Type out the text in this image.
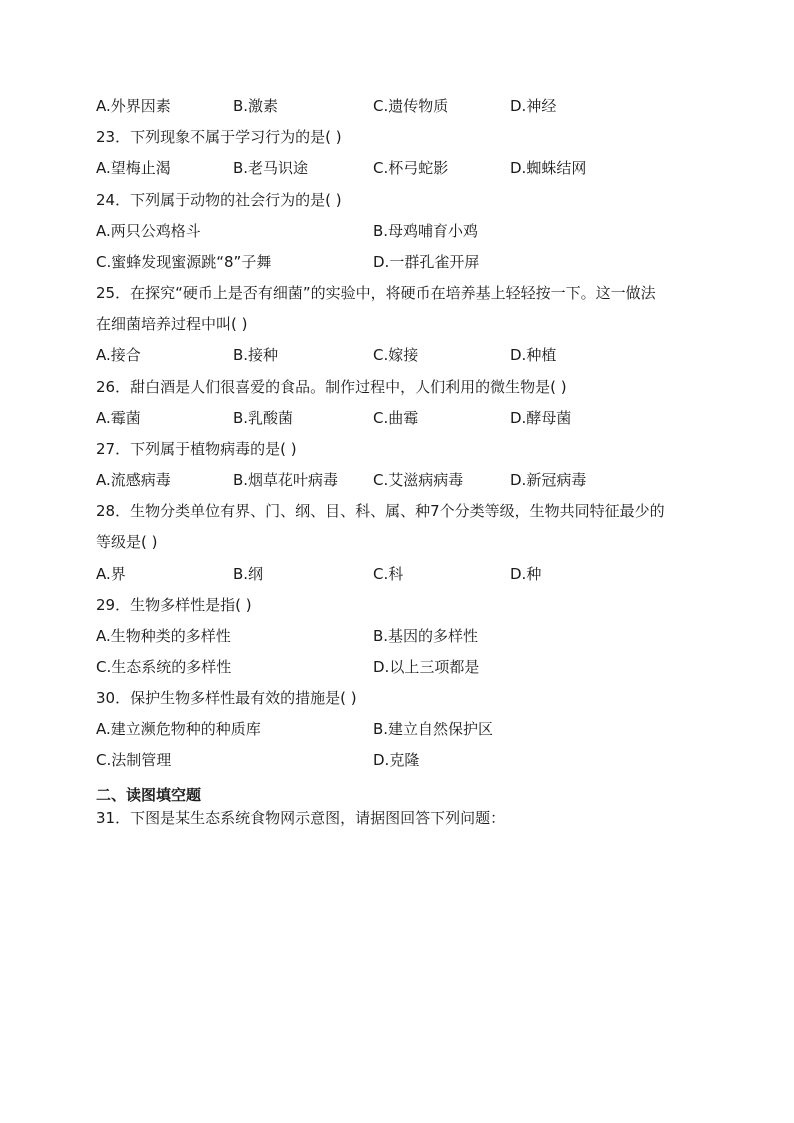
A.外界因素	B.激素	C.遗传物质	D.神经
23．下列现象不属于学习行为的是( )
A.望梅止渴	B.老马识途	C.杯弓蛇影	D.蜘蛛结网
24．下列属于动物的社会行为的是( )
A.两只公鸡格斗	B.母鸡哺育小鸡
C.蜜蜂发现蜜源跳“8”子舞	D.一群孔雀开屏
25．在探究“硬币上是否有细菌”的实验中，将硬币在培养基上轻轻按一下。这一做法
在细菌培养过程中叫( )
A.接合	B.接种	C.嫁接	D.种植
26．甜白酒是人们很喜爱的食品。制作过程中，人们利用的微生物是( )
A.霉菌	B.乳酸菌	C.曲霉	D.酵母菌
27．下列属于植物病毒的是( )
A.流感病毒	B.烟草花叶病毒 C.艾滋病病毒	D.新冠病毒
28．生物分类单位有界、门、纲、目、科、属、种7个分类等级，生物共同特征最少的
等级是( )
A.界	B.纲	C.科	D.种
29．生物多样性是指( )
A.生物种类的多样性	B.基因的多样性
C.生态系统的多样性	D.以上三项都是
30．保护生物多样性最有效的措施是( )
A.建立濒危物种的种质库	B.建立自然保护区
C.法制管理	D.克隆
二、读图填空题
31．下图是某生态系统食物网示意图，请据图回答下列问题：
